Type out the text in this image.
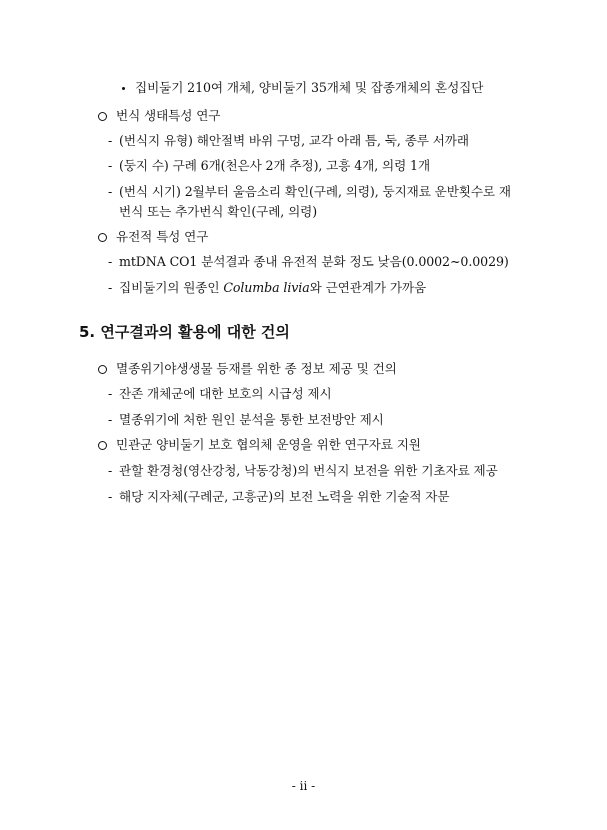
집비둘기 210여 개체, 양비둘기 35개체 및 잡종개체의 혼성집단
번식 생태특성 연구
- (번식지 유형) 해안절벽 바위 구멍, 교각 아래 틈, 둑, 종루 서까래
- (둥지 수) 구례 6개(천은사 2개 추정), 고흥 4개, 의령 1개
- (번식 시기) 2월부터 울음소리 확인(구례, 의령), 둥지재료 운반횟수로 재
번식 또는 추가번식 확인(구례, 의령)
유전적 특성 연구
- mtDNA CO1 분석결과 종내 유전적 분화 정도 낮음(0.0002~0.0029)
- 집비둘기의 원종인 Columba livia와 근연관계가 가까움
5. 연구결과의 활용에 대한 건의
멸종위기야생생물 등재를 위한 종 정보 제공 및 건의
- 잔존 개체군에 대한 보호의 시급성 제시
- 멸종위기에 처한 원인 분석을 통한 보전방안 제시
민관군 양비둘기 보호 협의체 운영을 위한 연구자료 지원
- 관할 환경청(영산강청, 낙동강청)의 번식지 보전을 위한 기초자료 제공
- 해당 지자체(구례군, 고흥군)의 보전 노력을 위한 기술적 자문
- ii -
